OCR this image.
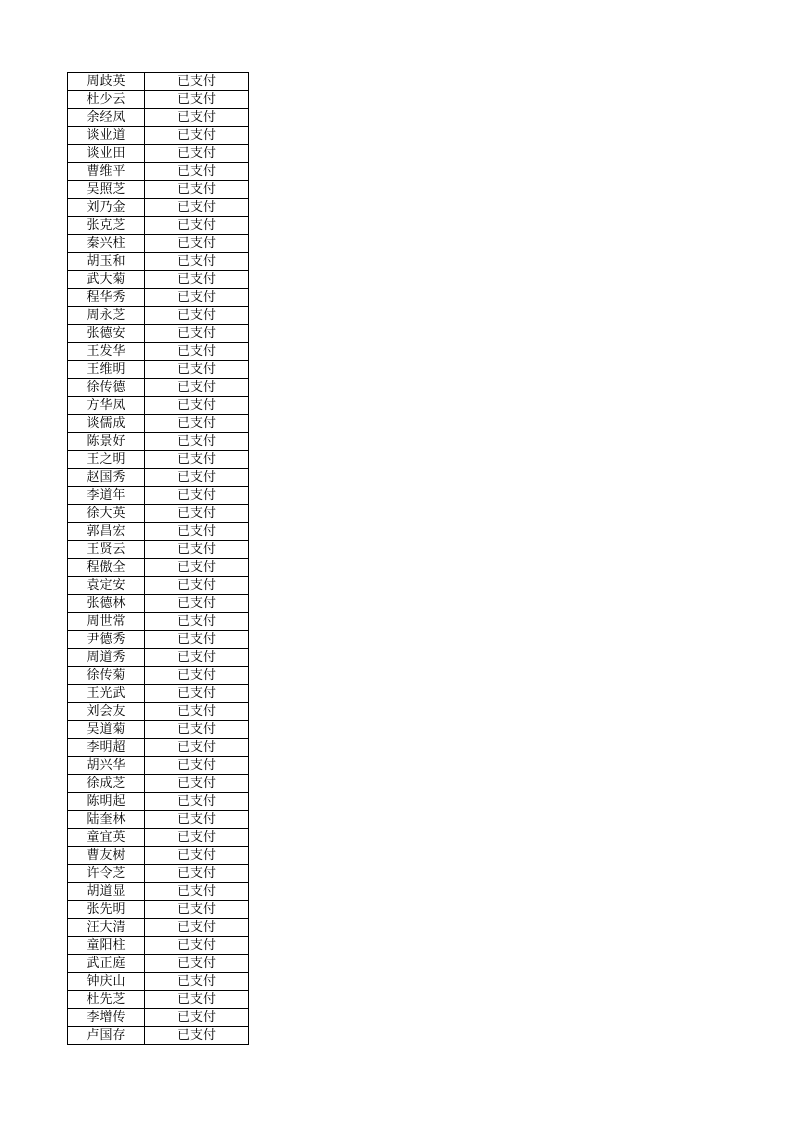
周歧英	已支付
杜少云	已支付
余经凤	已支付
谈业道	已支付
谈业田	已支付
曹维平	已支付
吴照芝	已支付
刘乃金	已支付
张克芝	已支付
秦兴柱	已支付
胡玉和	已支付
武大菊	已支付
程华秀	已支付
周永芝	已支付
张德安	已支付
王发华	已支付
王维明	已支付
徐传德	已支付
方华凤	已支付
谈儒成	已支付
陈景好	已支付
王之明	已支付
赵国秀	已支付
李道年	已支付
徐大英	已支付
郭昌宏	已支付
王贤云	已支付
程傲全	已支付
袁定安	已支付
张德林	已支付
周世常	已支付
尹德秀	已支付
周道秀	已支付
徐传菊	已支付
王光武	已支付
刘会友	已支付
吴道菊	已支付
李明超	已支付
胡兴华	已支付
徐成芝	已支付
陈明起	已支付
陆奎林	已支付
童宜英	已支付
曹友树	已支付
许令芝	已支付
胡道显	已支付
张先明	已支付
汪大清	已支付
童阳柱	已支付
武正庭	已支付
钟庆山	已支付
杜先芝	已支付
李增传	已支付
卢国存	已支付
